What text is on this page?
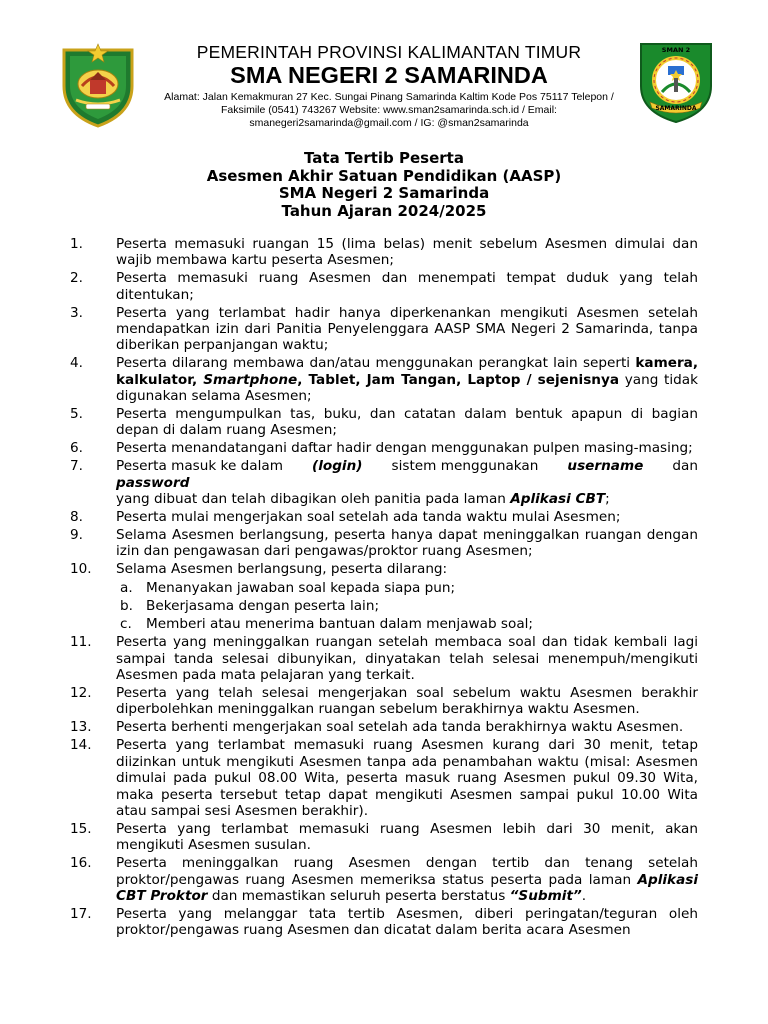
PEMERINTAH PROVINSI KALIMANTAN TIMUR
SMA NEGERI 2 SAMARINDA
Alamat: Jalan Kemakmuran 27 Kec. Sungai Pinang Samarinda Kaltim Kode Pos 75117 Telepon /
Faksimile (0541) 743267 Website: www.sman2samarinda.sch.id / Email:
smanegeri2samarinda@gmail.com / IG: @sman2samarinda
SMAN 2
SAMARINDA
Tata Tertib Peserta
Asesmen Akhir Satuan Pendidikan (AASP)
SMA Negeri 2 Samarinda
Tahun Ajaran 2024/2025
1. Peserta memasuki ruangan 15 (lima belas) menit sebelum Asesmen dimulai dan wajib membawa kartu peserta Asesmen;
2. Peserta memasuki ruang Asesmen dan menempati tempat duduk yang telah ditentukan;
3. Peserta yang terlambat hadir hanya diperkenankan mengikuti Asesmen setelah mendapatkan izin dari Panitia Penyelenggara AASP SMA Negeri 2 Samarinda, tanpa diberikan perpanjangan waktu;
4. Peserta dilarang membawa dan/atau menggunakan perangkat lain seperti kamera, kalkulator, Smartphone, Tablet, Jam Tangan, Laptop / sejenisnya yang tidak digunakan selama Asesmen;
5. Peserta mengumpulkan tas, buku, dan catatan dalam bentuk apapun di bagian depan di dalam ruang Asesmen;
6. Peserta menandatangani daftar hadir dengan menggunakan pulpen masing-masing;
7. Peserta masuk ke dalam (login) sistem menggunakan username dan
password
yang dibuat dan telah dibagikan oleh panitia pada laman Aplikasi CBT;
8. Peserta mulai mengerjakan soal setelah ada tanda waktu mulai Asesmen;
9. Selama Asesmen berlangsung, peserta hanya dapat meninggalkan ruangan dengan izin dan pengawasan dari pengawas/proktor ruang Asesmen;
10. Selama Asesmen berlangsung, peserta dilarang:
a. Menanyakan jawaban soal kepada siapa pun;
b. Bekerjasama dengan peserta lain;
c. Memberi atau menerima bantuan dalam menjawab soal;
11. Peserta yang meninggalkan ruangan setelah membaca soal dan tidak kembali lagi sampai tanda selesai dibunyikan, dinyatakan telah selesai menempuh/mengikuti Asesmen pada mata pelajaran yang terkait.
12. Peserta yang telah selesai mengerjakan soal sebelum waktu Asesmen berakhir diperbolehkan meninggalkan ruangan sebelum berakhirnya waktu Asesmen.
13. Peserta berhenti mengerjakan soal setelah ada tanda berakhirnya waktu Asesmen.
14. Peserta yang terlambat memasuki ruang Asesmen kurang dari 30 menit, tetap diizinkan untuk mengikuti Asesmen tanpa ada penambahan waktu (misal: Asesmen dimulai pada pukul 08.00 Wita, peserta masuk ruang Asesmen pukul 09.30 Wita, maka peserta tersebut tetap dapat mengikuti Asesmen sampai pukul 10.00 Wita atau sampai sesi Asesmen berakhir).
15. Peserta yang terlambat memasuki ruang Asesmen lebih dari 30 menit, akan mengikuti Asesmen susulan.
16. Peserta meninggalkan ruang Asesmen dengan tertib dan tenang setelah proktor/pengawas ruang Asesmen memeriksa status peserta pada laman Aplikasi CBT Proktor dan memastikan seluruh peserta berstatus “Submit”.
17. Peserta yang melanggar tata tertib Asesmen, diberi peringatan/teguran oleh proktor/pengawas ruang Asesmen dan dicatat dalam berita acara Asesmen
